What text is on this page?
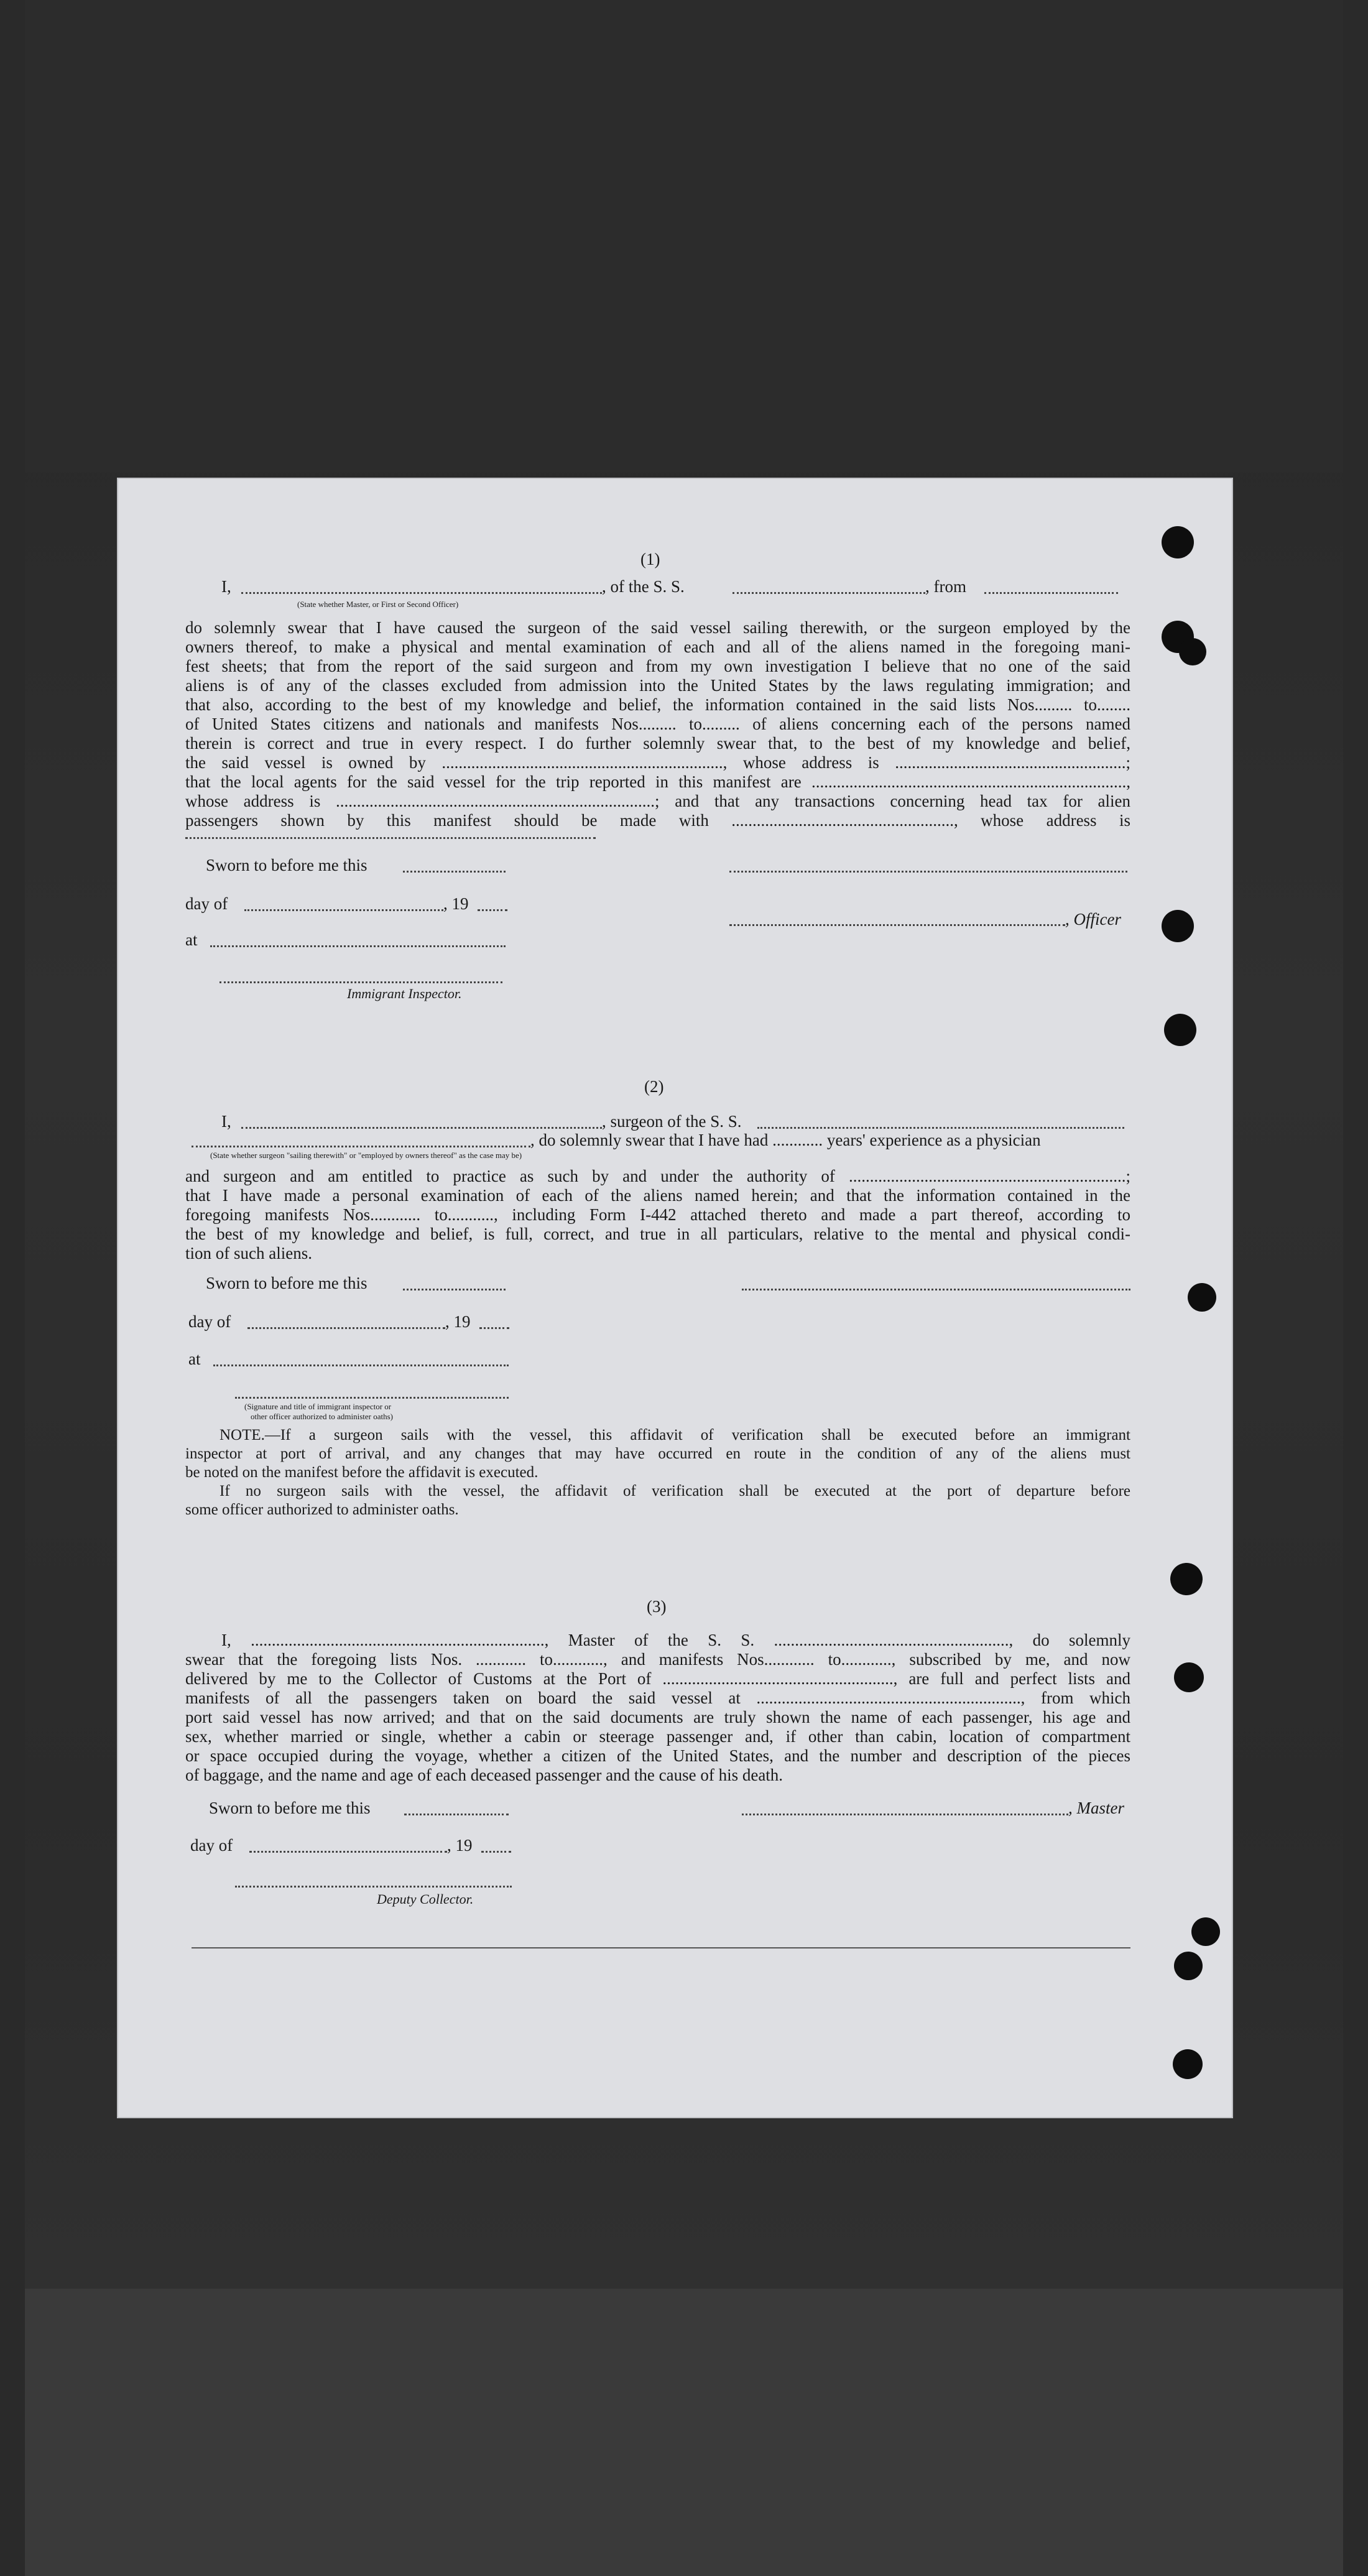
(1)
I,	, of the S. S.	, from
(State whether Master, or First or Second Officer)
do solemnly swear that I have caused the surgeon of the said vessel sailing therewith, or the surgeon employed by the
owners thereof, to make a physical and mental examination of each and all of the aliens named in the foregoing mani-
fest sheets; that from the report of the said surgeon and from my own investigation I believe that no one of the said
aliens is of any of the classes excluded from admission into the United States by the laws regulating immigration; and
that also, according to the best of my knowledge and belief, the information contained in the said lists Nos......... to........
of United States citizens and nationals and manifests Nos......... to......... of aliens concerning each of the persons named
therein is correct and true in every respect. I do further solemnly swear that, to the best of my knowledge and belief,
the said vessel is owned by ..................................................................., whose address is .......................................................;
that the local agents for the said vessel for the trip reported in this manifest are ...........................................................................,
whose address is ............................................................................; and that any transactions concerning head tax for alien
passengers shown by this manifest should be made with ....................................................., whose address is
Sworn to before me this
day of	, 19
, Officer
at
Immigrant Inspector.
(2)
I,	, surgeon of the S. S.
, do solemnly swear that I have had ............ years' experience as a physician
(State whether surgeon "sailing therewith" or "employed by owners thereof" as the case may be)
and surgeon and am entitled to practice as such by and under the authority of ..................................................................;
that I have made a personal examination of each of the aliens named herein; and that the information contained in the
foregoing manifests Nos............ to..........., including Form I-442 attached thereto and made a part thereof, according to
the best of my knowledge and belief, is full, correct, and true in all particulars, relative to the mental and physical condi-
tion of such aliens.
Sworn to before me this
day of	, 19
at
(Signature and title of immigrant inspector or
other officer authorized to administer oaths)
NOTE.—If a surgeon sails with the vessel, this affidavit of verification shall be executed before an immigrant
inspector at port of arrival, and any changes that may have occurred en route in the condition of any of the aliens must
be noted on the manifest before the affidavit is executed.
If no surgeon sails with the vessel, the affidavit of verification shall be executed at the port of departure before
some officer authorized to administer oaths.
(3)
I, ......................................................................, Master of the S. S. ........................................................, do solemnly
swear that the foregoing lists Nos. ............ to............, and manifests Nos............ to............, subscribed by me, and now
delivered by me to the Collector of Customs at the Port of ......................................................., are full and perfect lists and
manifests of all the passengers taken on board the said vessel at ..............................................................., from which
port said vessel has now arrived; and that on the said documents are truly shown the name of each passenger, his age and
sex, whether married or single, whether a cabin or steerage passenger and, if other than cabin, location of compartment
or space occupied during the voyage, whether a citizen of the United States, and the number and description of the pieces
of baggage, and the name and age of each deceased passenger and the cause of his death.
Sworn to before me this	, Master
day of	, 19
Deputy Collector.
